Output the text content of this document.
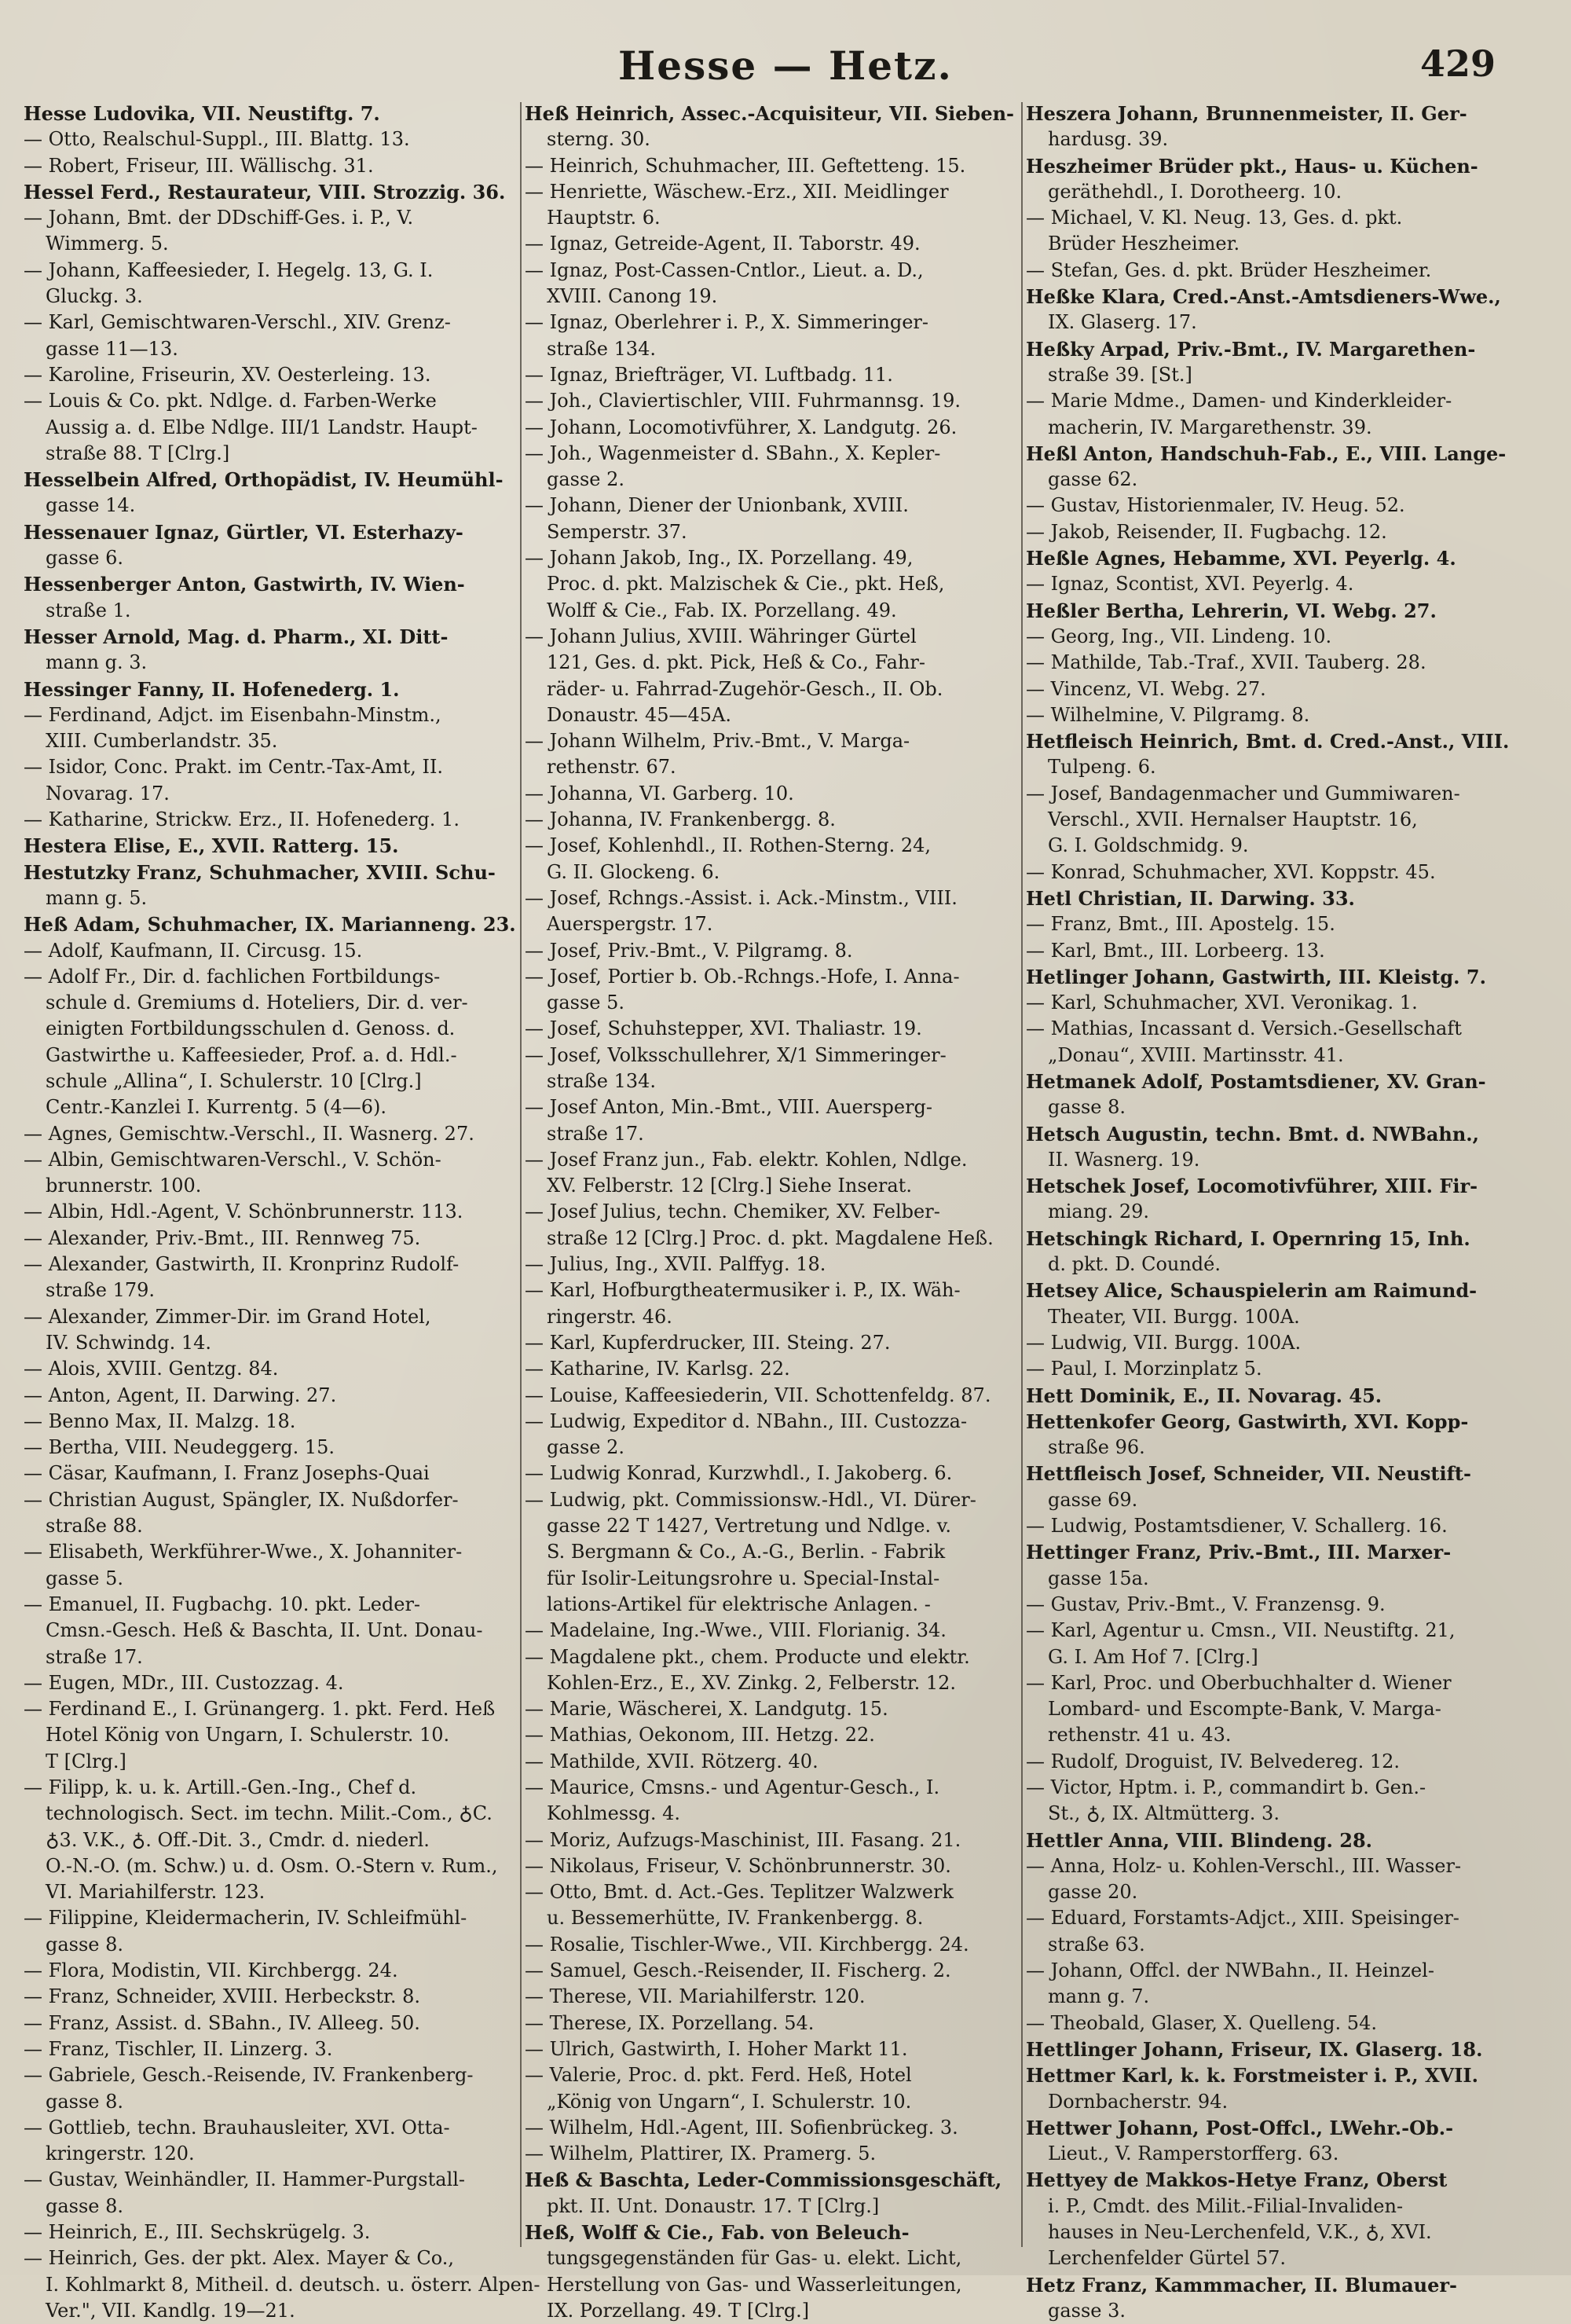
Hesse — Hetz.	429
Hesse Ludovika, VII. Neustiftg. 7.
— Otto, Realschul-Suppl., III. Blattg. 13.
— Robert, Friseur, III. Wällischg. 31.
Hessel Ferd., Restaurateur, VIII. Strozzig. 36.
— Johann, Bmt. der DDschiff-Ges. i. P., V.
Wimmerg. 5.
— Johann, Kaffeesieder, I. Hegelg. 13, G. I.
Gluckg. 3.
— Karl, Gemischtwaren-Verschl., XIV. Grenz-
gasse 11—13.
— Karoline, Friseurin, XV. Oesterleing. 13.
— Louis & Co. pkt. Ndlge. d. Farben-Werke
Aussig a. d. Elbe Ndlge. III/1 Landstr. Haupt-
straße 88. T [Clrg.]
Hesselbein Alfred, Orthopädist, IV. Heumühl-
gasse 14.
Hessenauer Ignaz, Gürtler, VI. Esterhazy-
gasse 6.
Hessenberger Anton, Gastwirth, IV. Wien-
straße 1.
Hesser Arnold, Mag. d. Pharm., XI. Ditt-
mann g. 3.
Hessinger Fanny, II. Hofenederg. 1.
— Ferdinand, Adjct. im Eisenbahn-Minstm.,
XIII. Cumberlandstr. 35.
— Isidor, Conc. Prakt. im Centr.-Tax-Amt, II.
Novarag. 17.
— Katharine, Strickw. Erz., II. Hofenederg. 1.
Hestera Elise, E., XVII. Ratterg. 15.
Hestutzky Franz, Schuhmacher, XVIII. Schu-
mann g. 5.
Heß Adam, Schuhmacher, IX. Marianneng. 23.
— Adolf, Kaufmann, II. Circusg. 15.
— Adolf Fr., Dir. d. fachlichen Fortbildungs-
schule d. Gremiums d. Hoteliers, Dir. d. ver-
einigten Fortbildungsschulen d. Genoss. d.
Gastwirthe u. Kaffeesieder, Prof. a. d. Hdl.-
schule „Allina“, I. Schulerstr. 10 [Clrg.]
Centr.-Kanzlei I. Kurrentg. 5 (4—6).
— Agnes, Gemischtw.-Verschl., II. Wasnerg. 27.
— Albin, Gemischtwaren-Verschl., V. Schön-
brunnerstr. 100.
— Albin, Hdl.-Agent, V. Schönbrunnerstr. 113.
— Alexander, Priv.-Bmt., III. Rennweg 75.
— Alexander, Gastwirth, II. Kronprinz Rudolf-
straße 179.
— Alexander, Zimmer-Dir. im Grand Hotel,
IV. Schwindg. 14.
— Alois, XVIII. Gentzg. 84.
— Anton, Agent, II. Darwing. 27.
— Benno Max, II. Malzg. 18.
— Bertha, VIII. Neudeggerg. 15.
— Cäsar, Kaufmann, I. Franz Josephs-Quai
— Christian August, Spängler, IX. Nußdorfer-
straße 88.
— Elisabeth, Werkführer-Wwe., X. Johanniter-
gasse 5.
— Emanuel, II. Fugbachg. 10. pkt. Leder-
Cmsn.-Gesch. Heß & Baschta, II. Unt. Donau-
straße 17.
— Eugen, MDr., III. Custozzag. 4.
— Ferdinand E., I. Grünangerg. 1. pkt. Ferd. Heß
Hotel König von Ungarn, I. Schulerstr. 10.
T [Clrg.]
— Filipp, k. u. k. Artill.-Gen.-Ing., Chef d.
technologisch. Sect. im techn. Milit.-Com., ♁C.
♁3. V.K., ♁. Off.-Dit. 3., Cmdr. d. niederl.
O.-N.-O. (m. Schw.) u. d. Osm. O.-Stern v. Rum.,
VI. Mariahilferstr. 123.
— Filippine, Kleidermacherin, IV. Schleifmühl-
gasse 8.
— Flora, Modistin, VII. Kirchbergg. 24.
— Franz, Schneider, XVIII. Herbeckstr. 8.
— Franz, Assist. d. SBahn., IV. Alleeg. 50.
— Franz, Tischler, II. Linzerg. 3.
— Gabriele, Gesch.-Reisende, IV. Frankenberg-
gasse 8.
— Gottlieb, techn. Brauhausleiter, XVI. Otta-
kringerstr. 120.
— Gustav, Weinhändler, II. Hammer-Purgstall-
gasse 8.
— Heinrich, E., III. Sechskrügelg. 3.
— Heinrich, Ges. der pkt. Alex. Mayer & Co.,
I. Kohlmarkt 8, Mitheil. d. deutsch. u. österr. Alpen-
Ver.", VII. Kandlg. 19—21.
Heß Heinrich, Assec.-Acquisiteur, VII. Sieben-
sterng. 30.
— Heinrich, Schuhmacher, III. Geftetteng. 15.
— Henriette, Wäschew.-Erz., XII. Meidlinger
Hauptstr. 6.
— Ignaz, Getreide-Agent, II. Taborstr. 49.
— Ignaz, Post-Cassen-Cntlor., Lieut. a. D.,
XVIII. Canong 19.
— Ignaz, Oberlehrer i. P., X. Simmeringer-
straße 134.
— Ignaz, Briefträger, VI. Luftbadg. 11.
— Joh., Claviertischler, VIII. Fuhrmannsg. 19.
— Johann, Locomotivführer, X. Landgutg. 26.
— Joh., Wagenmeister d. SBahn., X. Kepler-
gasse 2.
— Johann, Diener der Unionbank, XVIII.
Semperstr. 37.
— Johann Jakob, Ing., IX. Porzellang. 49,
Proc. d. pkt. Malzischek & Cie., pkt. Heß,
Wolff & Cie., Fab. IX. Porzellang. 49.
— Johann Julius, XVIII. Währinger Gürtel
121, Ges. d. pkt. Pick, Heß & Co., Fahr-
räder- u. Fahrrad-Zugehör-Gesch., II. Ob.
Donaustr. 45—45A.
— Johann Wilhelm, Priv.-Bmt., V. Marga-
rethenstr. 67.
— Johanna, VI. Garberg. 10.
— Johanna, IV. Frankenbergg. 8.
— Josef, Kohlenhdl., II. Rothen-Sterng. 24,
G. II. Glockeng. 6.
— Josef, Rchngs.-Assist. i. Ack.-Minstm., VIII.
Auerspergstr. 17.
— Josef, Priv.-Bmt., V. Pilgramg. 8.
— Josef, Portier b. Ob.-Rchngs.-Hofe, I. Anna-
gasse 5.
— Josef, Schuhstepper, XVI. Thaliastr. 19.
— Josef, Volksschullehrer, X/1 Simmeringer-
straße 134.
— Josef Anton, Min.-Bmt., VIII. Auersperg-
straße 17.
— Josef Franz jun., Fab. elektr. Kohlen, Ndlge.
XV. Felberstr. 12 [Clrg.] Siehe Inserat.
— Josef Julius, techn. Chemiker, XV. Felber-
straße 12 [Clrg.] Proc. d. pkt. Magdalene Heß.
— Julius, Ing., XVII. Palffyg. 18.
— Karl, Hofburgtheatermusiker i. P., IX. Wäh-
ringerstr. 46.
— Karl, Kupferdrucker, III. Steing. 27.
— Katharine, IV. Karlsg. 22.
— Louise, Kaffeesiederin, VII. Schottenfeldg. 87.
— Ludwig, Expeditor d. NBahn., III. Custozza-
gasse 2.
— Ludwig Konrad, Kurzwhdl., I. Jakoberg. 6.
— Ludwig, pkt. Commissionsw.-Hdl., VI. Dürer-
gasse 22 T 1427, Vertretung und Ndlge. v.
S. Bergmann & Co., A.-G., Berlin. - Fabrik
für Isolir-Leitungsrohre u. Special-Instal-
lations-Artikel für elektrische Anlagen. -
— Madelaine, Ing.-Wwe., VIII. Florianig. 34.
— Magdalene pkt., chem. Producte und elektr.
Kohlen-Erz., E., XV. Zinkg. 2, Felberstr. 12.
— Marie, Wäscherei, X. Landgutg. 15.
— Mathias, Oekonom, III. Hetzg. 22.
— Mathilde, XVII. Rötzerg. 40.
— Maurice, Cmsns.- und Agentur-Gesch., I.
Kohlmessg. 4.
— Moriz, Aufzugs-Maschinist, III. Fasang. 21.
— Nikolaus, Friseur, V. Schönbrunnerstr. 30.
— Otto, Bmt. d. Act.-Ges. Teplitzer Walzwerk
u. Bessemerhütte, IV. Frankenbergg. 8.
— Rosalie, Tischler-Wwe., VII. Kirchbergg. 24.
— Samuel, Gesch.-Reisender, II. Fischerg. 2.
— Therese, VII. Mariahilferstr. 120.
— Therese, IX. Porzellang. 54.
— Ulrich, Gastwirth, I. Hoher Markt 11.
— Valerie, Proc. d. pkt. Ferd. Heß, Hotel
„König von Ungarn“, I. Schulerstr. 10.
— Wilhelm, Hdl.-Agent, III. Sofienbrückeg. 3.
— Wilhelm, Plattirer, IX. Pramerg. 5.
Heß & Baschta, Leder-Commissionsgeschäft,
pkt. II. Unt. Donaustr. 17. T [Clrg.]
Heß, Wolff & Cie., Fab. von Beleuch-
tungsgegenständen für Gas- u. elekt. Licht,
Herstellung von Gas- und Wasserleitungen,
IX. Porzellang. 49. T [Clrg.]
Heszera Johann, Brunnenmeister, II. Ger-
hardusg. 39.
Heszheimer Brüder pkt., Haus- u. Küchen-
geräthehdl., I. Dorotheerg. 10.
— Michael, V. Kl. Neug. 13, Ges. d. pkt.
Brüder Heszheimer.
— Stefan, Ges. d. pkt. Brüder Heszheimer.
Heßke Klara, Cred.-Anst.-Amtsdieners-Wwe.,
IX. Glaserg. 17.
Heßky Arpad, Priv.-Bmt., IV. Margarethen-
straße 39. [St.]
— Marie Mdme., Damen- und Kinderkleider-
macherin, IV. Margarethenstr. 39.
Heßl Anton, Handschuh-Fab., E., VIII. Lange-
gasse 62.
— Gustav, Historienmaler, IV. Heug. 52.
— Jakob, Reisender, II. Fugbachg. 12.
Heßle Agnes, Hebamme, XVI. Peyerlg. 4.
— Ignaz, Scontist, XVI. Peyerlg. 4.
Heßler Bertha, Lehrerin, VI. Webg. 27.
— Georg, Ing., VII. Lindeng. 10.
— Mathilde, Tab.-Traf., XVII. Tauberg. 28.
— Vincenz, VI. Webg. 27.
— Wilhelmine, V. Pilgramg. 8.
Hetfleisch Heinrich, Bmt. d. Cred.-Anst., VIII.
Tulpeng. 6.
— Josef, Bandagenmacher und Gummiwaren-
Verschl., XVII. Hernalser Hauptstr. 16,
G. I. Goldschmidg. 9.
— Konrad, Schuhmacher, XVI. Koppstr. 45.
Hetl Christian, II. Darwing. 33.
— Franz, Bmt., III. Apostelg. 15.
— Karl, Bmt., III. Lorbeerg. 13.
Hetlinger Johann, Gastwirth, III. Kleistg. 7.
— Karl, Schuhmacher, XVI. Veronikag. 1.
— Mathias, Incassant d. Versich.-Gesellschaft
„Donau“, XVIII. Martinsstr. 41.
Hetmanek Adolf, Postamtsdiener, XV. Gran-
gasse 8.
Hetsch Augustin, techn. Bmt. d. NWBahn.,
II. Wasnerg. 19.
Hetschek Josef, Locomotivführer, XIII. Fir-
miang. 29.
Hetschingk Richard, I. Opernring 15, Inh.
d. pkt. D. Coundé.
Hetsey Alice, Schauspielerin am Raimund-
Theater, VII. Burgg. 100A.
— Ludwig, VII. Burgg. 100A.
— Paul, I. Morzinplatz 5.
Hett Dominik, E., II. Novarag. 45.
Hettenkofer Georg, Gastwirth, XVI. Kopp-
straße 96.
Hettfleisch Josef, Schneider, VII. Neustift-
gasse 69.
— Ludwig, Postamtsdiener, V. Schallerg. 16.
Hettinger Franz, Priv.-Bmt., III. Marxer-
gasse 15a.
— Gustav, Priv.-Bmt., V. Franzensg. 9.
— Karl, Agentur u. Cmsn., VII. Neustiftg. 21,
G. I. Am Hof 7. [Clrg.]
— Karl, Proc. und Oberbuchhalter d. Wiener
Lombard- und Escompte-Bank, V. Marga-
rethenstr. 41 u. 43.
— Rudolf, Droguist, IV. Belvedereg. 12.
— Victor, Hptm. i. P., commandirt b. Gen.-
St., ♁, IX. Altmütterg. 3.
Hettler Anna, VIII. Blindeng. 28.
— Anna, Holz- u. Kohlen-Verschl., III. Wasser-
gasse 20.
— Eduard, Forstamts-Adjct., XIII. Speisinger-
straße 63.
— Johann, Offcl. der NWBahn., II. Heinzel-
mann g. 7.
— Theobald, Glaser, X. Quelleng. 54.
Hettlinger Johann, Friseur, IX. Glaserg. 18.
Hettmer Karl, k. k. Forstmeister i. P., XVII.
Dornbacherstr. 94.
Hettwer Johann, Post-Offcl., LWehr.-Ob.-
Lieut., V. Ramperstorfferg. 63.
Hettyey de Makkos-Hetye Franz, Oberst
i. P., Cmdt. des Milit.-Filial-Invaliden-
hauses in Neu-Lerchenfeld, V.K., ♁, XVI.
Lerchenfelder Gürtel 57.
Hetz Franz, Kammmacher, II. Blumauer-
gasse 3.
